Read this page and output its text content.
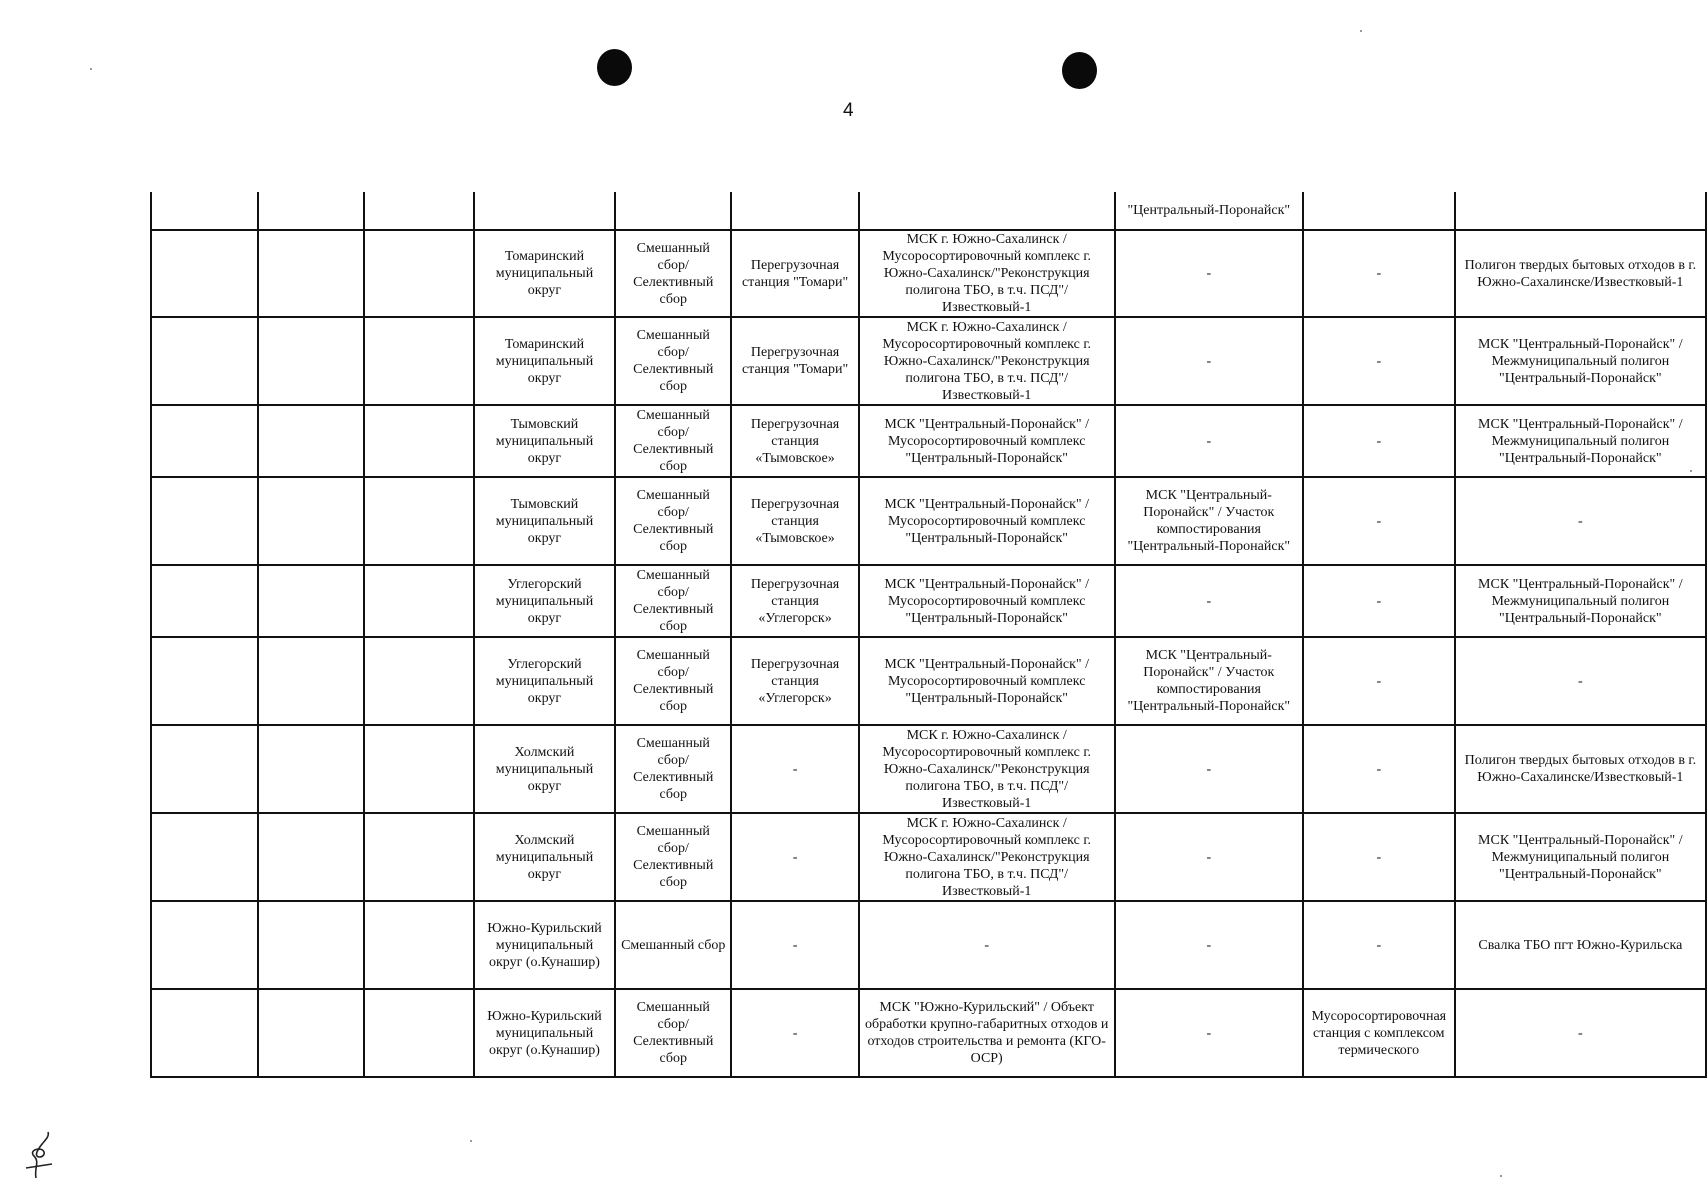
4
							"Центральный-Поронайск"		
			Томаринский муниципальный округ	Смешанный сбор/ Селективный сбор	Перегрузочная станция "Томари"	МСК г. Южно-Сахалинск / Мусоросортировочный комплекс г. Южно-Сахалинск/"Реконструкция полигона ТБО, в т.ч. ПСД"/Известковый-1	-	-	Полигон твердых бытовых отходов в г. Южно-Сахалинске/Известковый-1
			Томаринский муниципальный округ	Смешанный сбор/ Селективный сбор	Перегрузочная станция "Томари"	МСК г. Южно-Сахалинск / Мусоросортировочный комплекс г. Южно-Сахалинск/"Реконструкция полигона ТБО, в т.ч. ПСД"/Известковый-1	-	-	МСК "Центральный-Поронайск" / Межмуниципальный полигон "Центральный-Поронайск"
			Тымовский муниципальный округ	Смешанный сбор/ Селективный сбор	Перегрузочная станция «Тымовское»	МСК "Центральный-Поронайск" / Мусоросортировочный комплекс "Центральный-Поронайск"	-	-	МСК "Центральный-Поронайск" / Межмуниципальный полигон "Центральный-Поронайск"
			Тымовский муниципальный округ	Смешанный сбор/ Селективный сбор	Перегрузочная станция «Тымовское»	МСК "Центральный-Поронайск" / Мусоросортировочный комплекс "Центральный-Поронайск"	МСК "Центральный-Поронайск" / Участок компостирования "Центральный-Поронайск"	-	-
			Углегорский муниципальный округ	Смешанный сбор/ Селективный сбор	Перегрузочная станция «Углегорск»	МСК "Центральный-Поронайск" / Мусоросортировочный комплекс "Центральный-Поронайск"	-	-	МСК "Центральный-Поронайск" / Межмуниципальный полигон "Центральный-Поронайск"
			Углегорский муниципальный округ	Смешанный сбор/ Селективный сбор	Перегрузочная станция «Углегорск»	МСК "Центральный-Поронайск" / Мусоросортировочный комплекс "Центральный-Поронайск"	МСК "Центральный-Поронайск" / Участок компостирования "Центральный-Поронайск"	-	-
			Холмский муниципальный округ	Смешанный сбор/ Селективный сбор	-	МСК г. Южно-Сахалинск / Мусоросортировочный комплекс г. Южно-Сахалинск/"Реконструкция полигона ТБО, в т.ч. ПСД"/Известковый-1	-	-	Полигон твердых бытовых отходов в г. Южно-Сахалинске/Известковый-1
			Холмский муниципальный округ	Смешанный сбор/ Селективный сбор	-	МСК г. Южно-Сахалинск / Мусоросортировочный комплекс г. Южно-Сахалинск/"Реконструкция полигона ТБО, в т.ч. ПСД"/Известковый-1	-	-	МСК "Центральный-Поронайск" / Межмуниципальный полигон "Центральный-Поронайск"
			Южно-Курильский муниципальный округ (о.Кунашир)	Смешанный сбор	-	-	-	-	Свалка ТБО пгт Южно-Курильска
			Южно-Курильский муниципальный округ (о.Кунашир)	Смешанный сбор/ Селективный сбор	-	МСК "Южно-Курильский" / Объект обработки крупно-габаритных отходов и отходов строительства и ремонта (КГО-ОСР)	-	Мусоросортировочная станция с комплексом термического	-
